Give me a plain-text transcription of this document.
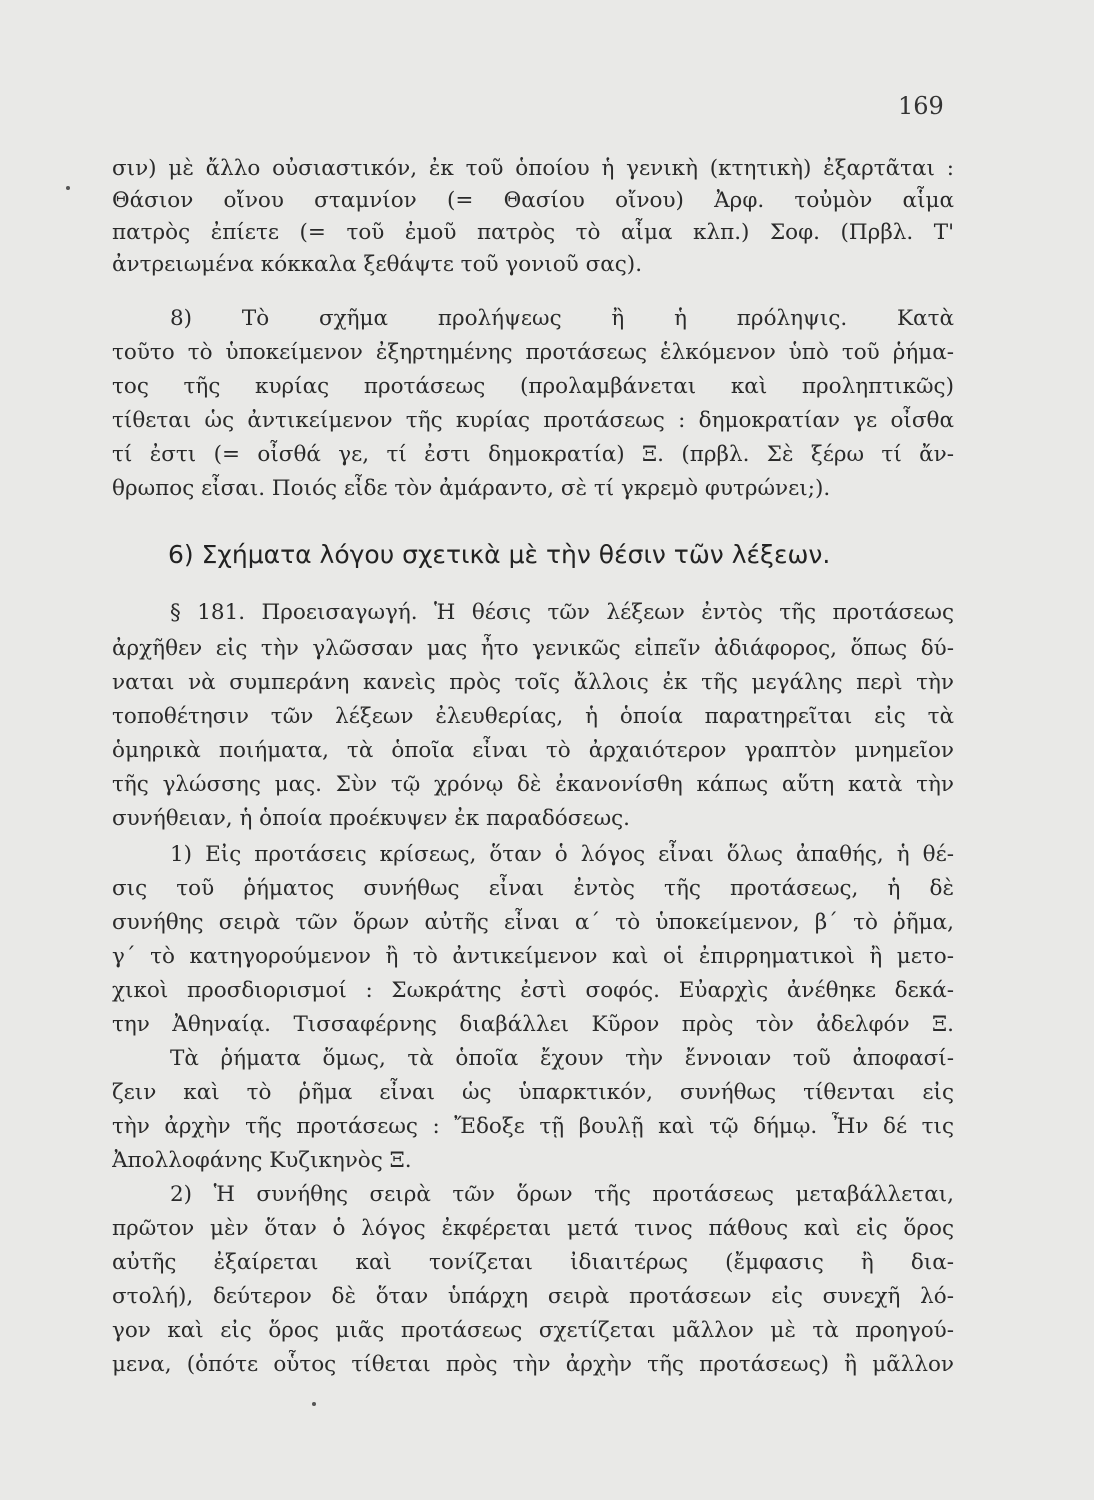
169
σιν) μὲ ἄλλο οὐσιαστικόν, ἐκ τοῦ ὁποίου ἡ γενικὴ (κτητικὴ) ἐξαρτᾶται :
Θάσιον οἴνου σταμνίον (= Θασίου οἴνου) Ἀρφ. τοὐμὸν αἷμα
πατρὸς ἐπίετε (= τοῦ ἐμοῦ πατρὸς τὸ αἷμα κλπ.) Σοφ. (Πρβλ. Τ'
ἀντρειωμένα κόκκαλα ξεθάψτε τοῦ γονιοῦ σας).
8) Τὸ σχῆμα προλήψεως ἢ ἡ πρόληψις. Κατὰ
τοῦτο τὸ ὑποκείμενον ἐξηρτημένης προτάσεως ἑλκόμενον ὑπὸ τοῦ ῥήμα-
τος τῆς κυρίας προτάσεως (προλαμβάνεται καὶ προληπτικῶς)
τίθεται ὡς ἀντικείμενον τῆς κυρίας προτάσεως : δημοκρατίαν γε οἶσθα
τί ἐστι (= οἶσθά γε, τί ἐστι δημοκρατία) Ξ. (πρβλ. Σὲ ξέρω τί ἄν-
θρωπος εἶσαι. Ποιός εἶδε τὸν ἀμάραντο, σὲ τί γκρεμὸ φυτρώνει;).
6) Σχήματα λόγου σχετικὰ μὲ τὴν θέσιν τῶν λέξεων.
§ 181. Προεισαγωγή. Ἡ θέσις τῶν λέξεων ἐντὸς τῆς προτάσεως
ἀρχῆθεν εἰς τὴν γλῶσσαν μας ἦτο γενικῶς εἰπεῖν ἀδιάφορος, ὅπως δύ-
ναται νὰ συμπεράνη κανεὶς πρὸς τοῖς ἄλλοις ἐκ τῆς μεγάλης περὶ τὴν
τοποθέτησιν τῶν λέξεων ἐλευθερίας, ἡ ὁποία παρατηρεῖται εἰς τὰ
ὁμηρικὰ ποιήματα, τὰ ὁποῖα εἶναι τὸ ἀρχαιότερον γραπτὸν μνημεῖον
τῆς γλώσσης μας. Σὺν τῷ χρόνῳ δὲ ἐκανονίσθη κάπως αὕτη κατὰ τὴν
συνήθειαν, ἡ ὁποία προέκυψεν ἐκ παραδόσεως.
1) Εἰς προτάσεις κρίσεως, ὅταν ὁ λόγος εἶναι ὅλως ἀπαθής, ἡ θέ-
σις τοῦ ῥήματος συνήθως εἶναι ἐντὸς τῆς προτάσεως, ἡ δὲ
συνήθης σειρὰ τῶν ὅρων αὐτῆς εἶναι α΄ τὸ ὑποκείμενον, β΄ τὸ ῥῆμα,
γ΄ τὸ κατηγορούμενον ἢ τὸ ἀντικείμενον καὶ οἱ ἐπιρρηματικοὶ ἢ μετο-
χικοὶ προσδιορισμοί : Σωκράτης ἐστὶ σοφός. Εὐαρχὶς ἀνέθηκε δεκά-
την Ἀθηναίᾳ. Τισσαφέρνης διαβάλλει Κῦρον πρὸς τὸν ἀδελφόν Ξ.
Τὰ ῥήματα ὅμως, τὰ ὁποῖα ἔχουν τὴν ἔννοιαν τοῦ ἀποφασί-
ζειν καὶ τὸ ῥῆμα εἶναι ὡς ὑπαρκτικόν, συνήθως τίθενται εἰς
τὴν ἀρχὴν τῆς προτάσεως : Ἔδοξε τῇ βουλῇ καὶ τῷ δήμῳ. Ἦν δέ τις
Ἀπολλοφάνης Κυζικηνὸς Ξ.
2) Ἡ συνήθης σειρὰ τῶν ὅρων τῆς προτάσεως μεταβάλλεται,
πρῶτον μὲν ὅταν ὁ λόγος ἐκφέρεται μετά τινος πάθους καὶ εἰς ὅρος
αὐτῆς ἐξαίρεται καὶ τονίζεται ἰδιαιτέρως (ἔμφασις ἢ δια-
στολή), δεύτερον δὲ ὅταν ὑπάρχη σειρὰ προτάσεων εἰς συνεχῆ λό-
γον καὶ εἰς ὅρος μιᾶς προτάσεως σχετίζεται μᾶλλον μὲ τὰ προηγού-
μενα, (ὁπότε οὗτος τίθεται πρὸς τὴν ἀρχὴν τῆς προτάσεως) ἢ μᾶλλον
